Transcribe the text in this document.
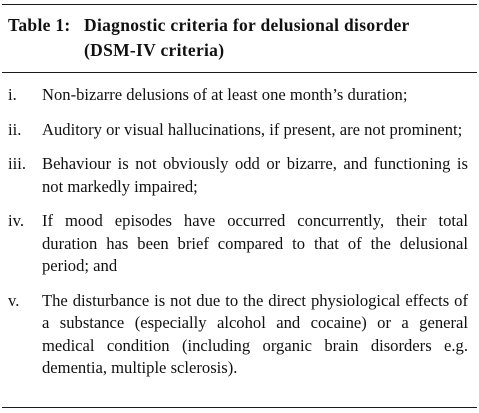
Table 1: Diagnostic criteria for delusional disorder
(DSM-IV criteria)
i.	Non-bizarre delusions of at least one month’s duration;
ii.	Auditory or visual hallucinations, if present, are not prominent;
iii. Behaviour is not obviously odd or bizarre, and functioning is not markedly impaired;
iv.	If mood episodes have occurred concurrently, their total duration has been brief compared to that of the delusional period; and
v.	The disturbance is not due to the direct physiological effects of a substance (especially alcohol and cocaine) or a general medical condition (including organic brain disorders e.g. dementia, multiple sclerosis).
